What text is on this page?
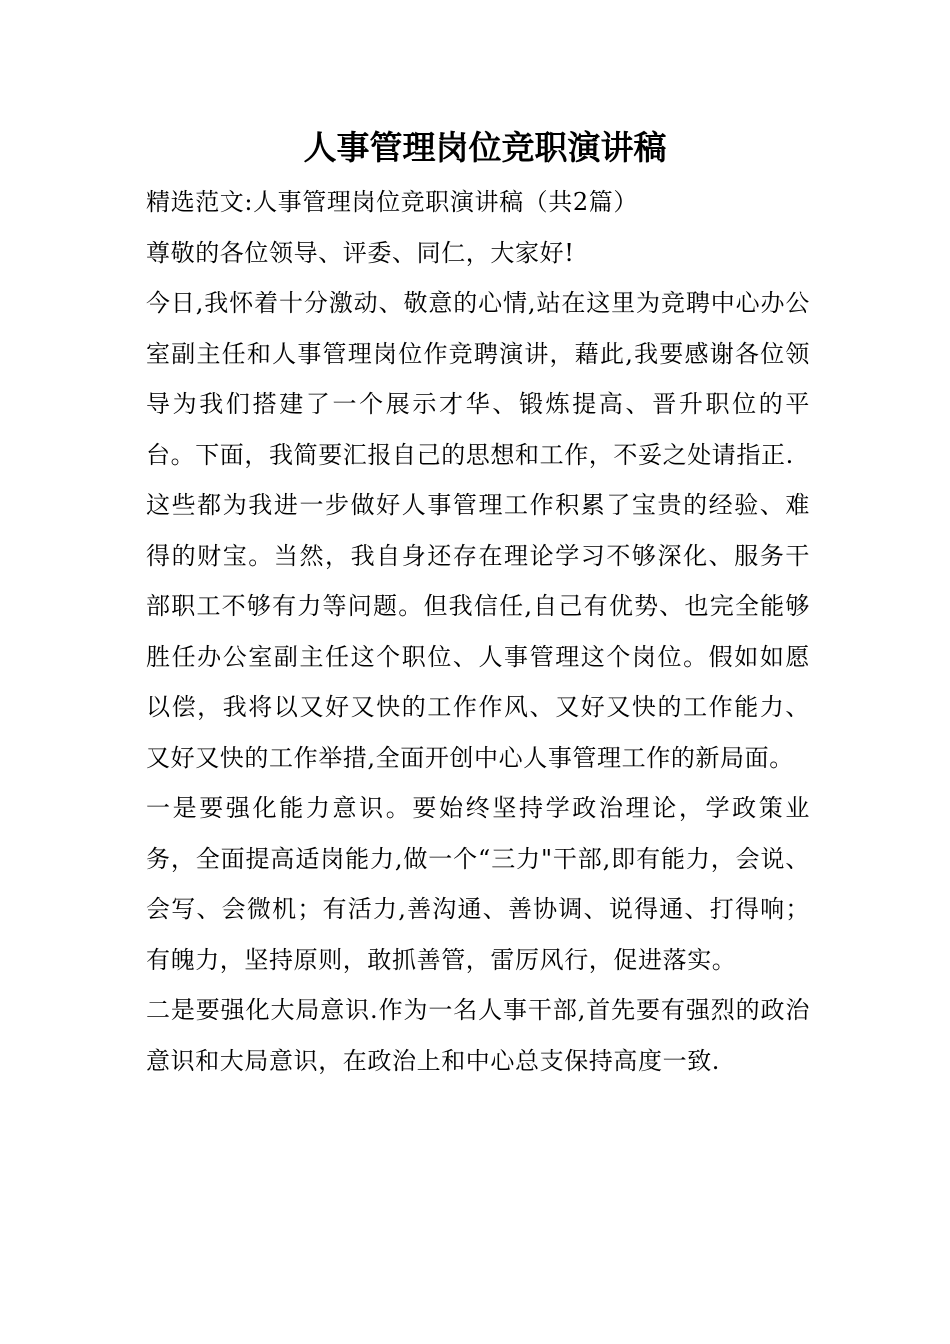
人事管理岗位竞职演讲稿

精选范文:人事管理岗位竞职演讲稿（共2篇）

尊敬的各位领导、评委、同仁，大家好!

今日,我怀着十分激动、敬意的心情,站在这里为竞聘中心办公室副主任和人事管理岗位作竞聘演讲，藉此,我要感谢各位领导为我们搭建了一个展示才华、锻炼提高、晋升职位的平台。下面，我简要汇报自己的思想和工作，不妥之处请指正.

这些都为我进一步做好人事管理工作积累了宝贵的经验、难得的财宝。当然，我自身还存在理论学习不够深化、服务干部职工不够有力等问题。但我信任,自己有优势、也完全能够胜任办公室副主任这个职位、人事管理这个岗位。假如如愿以偿，我将以又好又快的工作作风、又好又快的工作能力、又好又快的工作举措,全面开创中心人事管理工作的新局面。

一是要强化能力意识。要始终坚持学政治理论，学政策业务，全面提高适岗能力,做一个“三力"干部,即有能力，会说、会写、会微机；有活力,善沟通、善协调、说得通、打得响；有魄力，坚持原则，敢抓善管，雷厉风行，促进落实。

二是要强化大局意识.作为一名人事干部,首先要有强烈的政治意识和大局意识，在政治上和中心总支保持高度一致.
